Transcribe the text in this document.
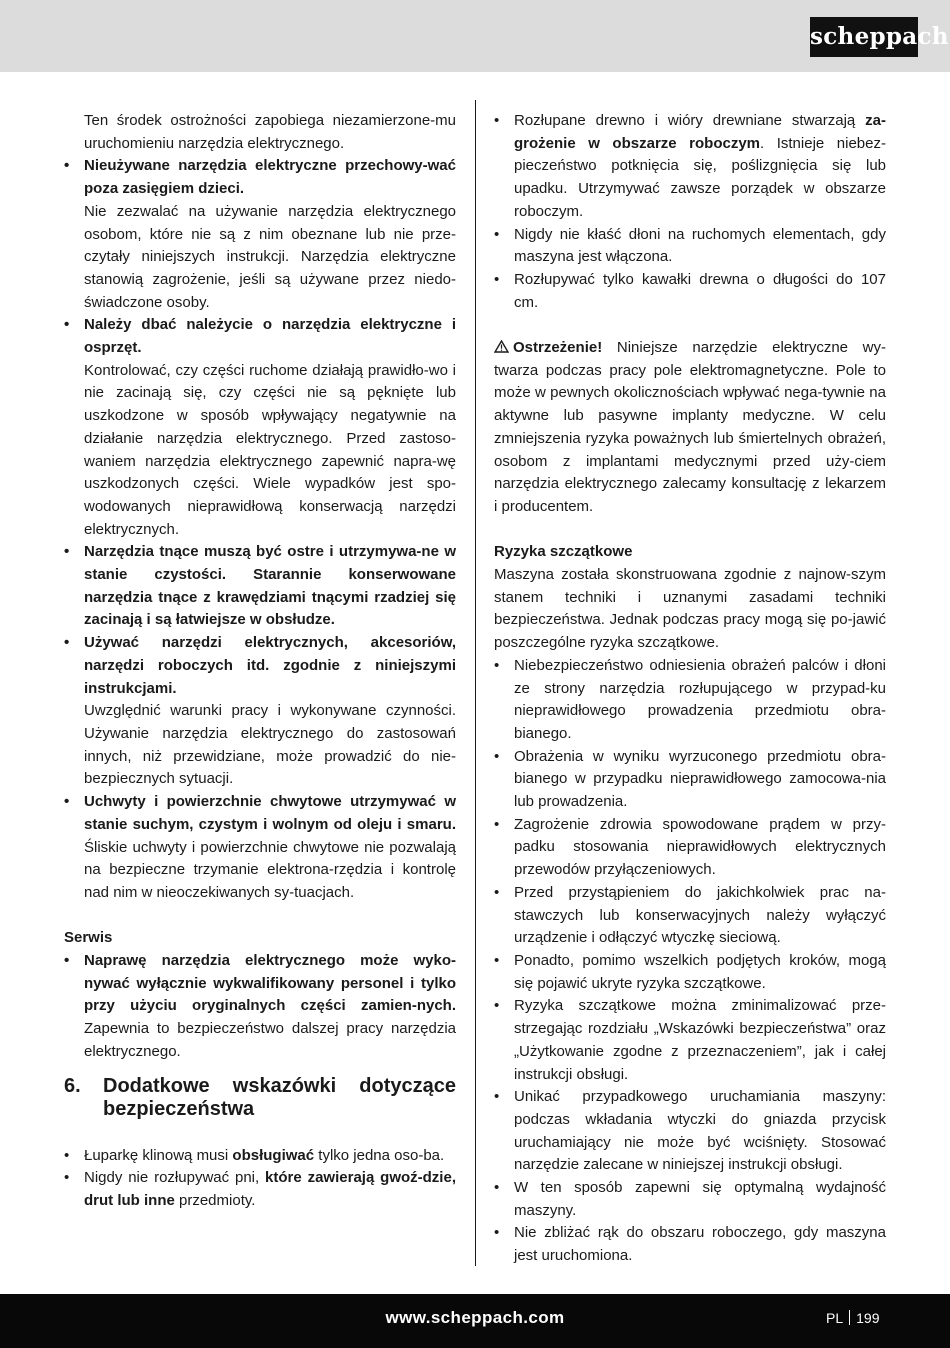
scheppach

Ten środek ostrożności zapobiega niezamierzone-mu uruchomieniu narzędzia elektrycznego.

• Nieużywane narzędzia elektryczne przechowy-wać poza zasięgiem dzieci.
Nie zezwalać na używanie narzędzia elektrycznego osobom, które nie są z nim obeznane lub nie prze-czytały niniejszych instrukcji. Narzędzia elektryczne stanowią zagrożenie, jeśli są używane przez niedo-świadczone osoby.
• Należy dbać należycie o narzędzia elektryczne i osprzęt.
Kontrolować, czy części ruchome działają prawidło-wo i nie zacinają się, czy części nie są pęknięte lub uszkodzone w sposób wpływający negatywnie na działanie narzędzia elektrycznego. Przed zastoso-waniem narzędzia elektrycznego zapewnić napra-wę uszkodzonych części. Wiele wypadków jest spo-wodowanych nieprawidłową konserwacją narzędzi elektrycznych.
• Narzędzia tnące muszą być ostre i utrzymywa-ne w stanie czystości. Starannie konserwowane narzędzia tnące z krawędziami tnącymi rzadziej się zacinają i są łatwiejsze w obsłudze.
• Używać narzędzi elektrycznych, akcesoriów, narzędzi roboczych itd. zgodnie z niniejszymi instrukcjami.
Uwzględnić warunki pracy i wykonywane czynności. Używanie narzędzia elektrycznego do zastosowań innych, niż przewidziane, może prowadzić do nie-bezpiecznych sytuacji.
• Uchwyty i powierzchnie chwytowe utrzymywać w stanie suchym, czystym i wolnym od oleju i smaru. Śliskie uchwyty i powierzchnie chwytowe nie pozwalają na bezpieczne trzymanie elektrona-rzędzia i kontrolę nad nim w nieoczekiwanych sy-tuacjach.

Serwis

• Naprawę narzędzia elektrycznego może wyko-nywać wyłącznie wykwalifikowany personel i tylko przy użyciu oryginalnych części zamien-nych. Zapewnia to bezpieczeństwo dalszej pracy narzędzia elektrycznego.
6.	Dodatkowe wskazówki dotyczące bezpieczeństwa
• Łuparkę klinową musi obsługiwać tylko jedna oso-ba.
• Nigdy nie rozłupywać pni, które zawierają gwoź-dzie, drut lub inne przedmioty.
• Rozłupane drewno i wióry drewniane stwarzają za-grożenie w obszarze roboczym. Istnieje niebez-pieczeństwo potknięcia się, poślizgnięcia się lub upadku. Utrzymywać zawsze porządek w obszarze roboczym.
• Nigdy nie kłaść dłoni na ruchomych elementach, gdy maszyna jest włączona.
• Rozłupywać tylko kawałki drewna o długości do 107 cm.

Ostrzeżenie! Niniejsze narzędzie elektryczne wy-twarza podczas pracy pole elektromagnetyczne. Pole to może w pewnych okolicznościach wpływać nega-tywnie na aktywne lub pasywne implanty medyczne. W celu zmniejszenia ryzyka poważnych lub śmiertelnych obrażeń, osobom z implantami medycznymi przed uży-ciem narzędzia elektrycznego zalecamy konsultację z lekarzem i producentem.

Ryzyka szczątkowe

Maszyna została skonstruowana zgodnie z najnow-szym stanem techniki i uznanymi zasadami techniki bezpieczeństwa. Jednak podczas pracy mogą się po-jawić poszczególne ryzyka szczątkowe.

• Niebezpieczeństwo odniesienia obrażeń palców i dłoni ze strony narzędzia rozłupującego w przypad-ku nieprawidłowego prowadzenia przedmiotu obra-bianego.
• Obrażenia w wyniku wyrzuconego przedmiotu obra-bianego w przypadku nieprawidłowego zamocowa-nia lub prowadzenia.
• Zagrożenie zdrowia spowodowane prądem w przy-padku stosowania nieprawidłowych elektrycznych przewodów przyłączeniowych.
• Przed przystąpieniem do jakichkolwiek prac na-stawczych lub konserwacyjnych należy wyłączyć urządzenie i odłączyć wtyczkę sieciową.
• Ponadto, pomimo wszelkich podjętych kroków, mogą się pojawić ukryte ryzyka szczątkowe.
• Ryzyka szczątkowe można zminimalizować prze-strzegając rozdziału „Wskazówki bezpieczeństwa” oraz „Użytkowanie zgodne z przeznaczeniem”, jak i całej instrukcji obsługi.
• Unikać przypadkowego uruchamiania maszyny: podczas wkładania wtyczki do gniazda przycisk uruchamiający nie może być wciśnięty. Stosować narzędzie zalecane w niniejszej instrukcji obsługi.
• W ten sposób zapewni się optymalną wydajność maszyny.
• Nie zbliżać rąk do obszaru roboczego, gdy maszyna jest uruchomiona.
www.scheppach.com	PL 199
